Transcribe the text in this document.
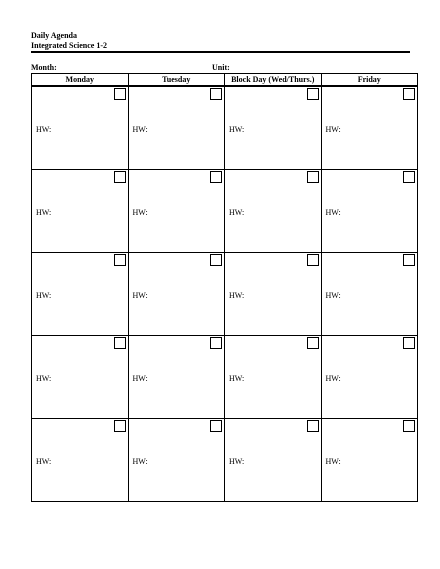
Daily Agenda
Integrated Science 1-2
Month:	Unit:
Monday	Tuesday	Block Day (Wed/Thurs.)	Friday

HW:	HW:	HW:	HW:

HW:	HW:	HW:	HW:

HW:	HW:	HW:	HW:

HW:	HW:	HW:	HW:

HW:	HW:	HW:	HW:
